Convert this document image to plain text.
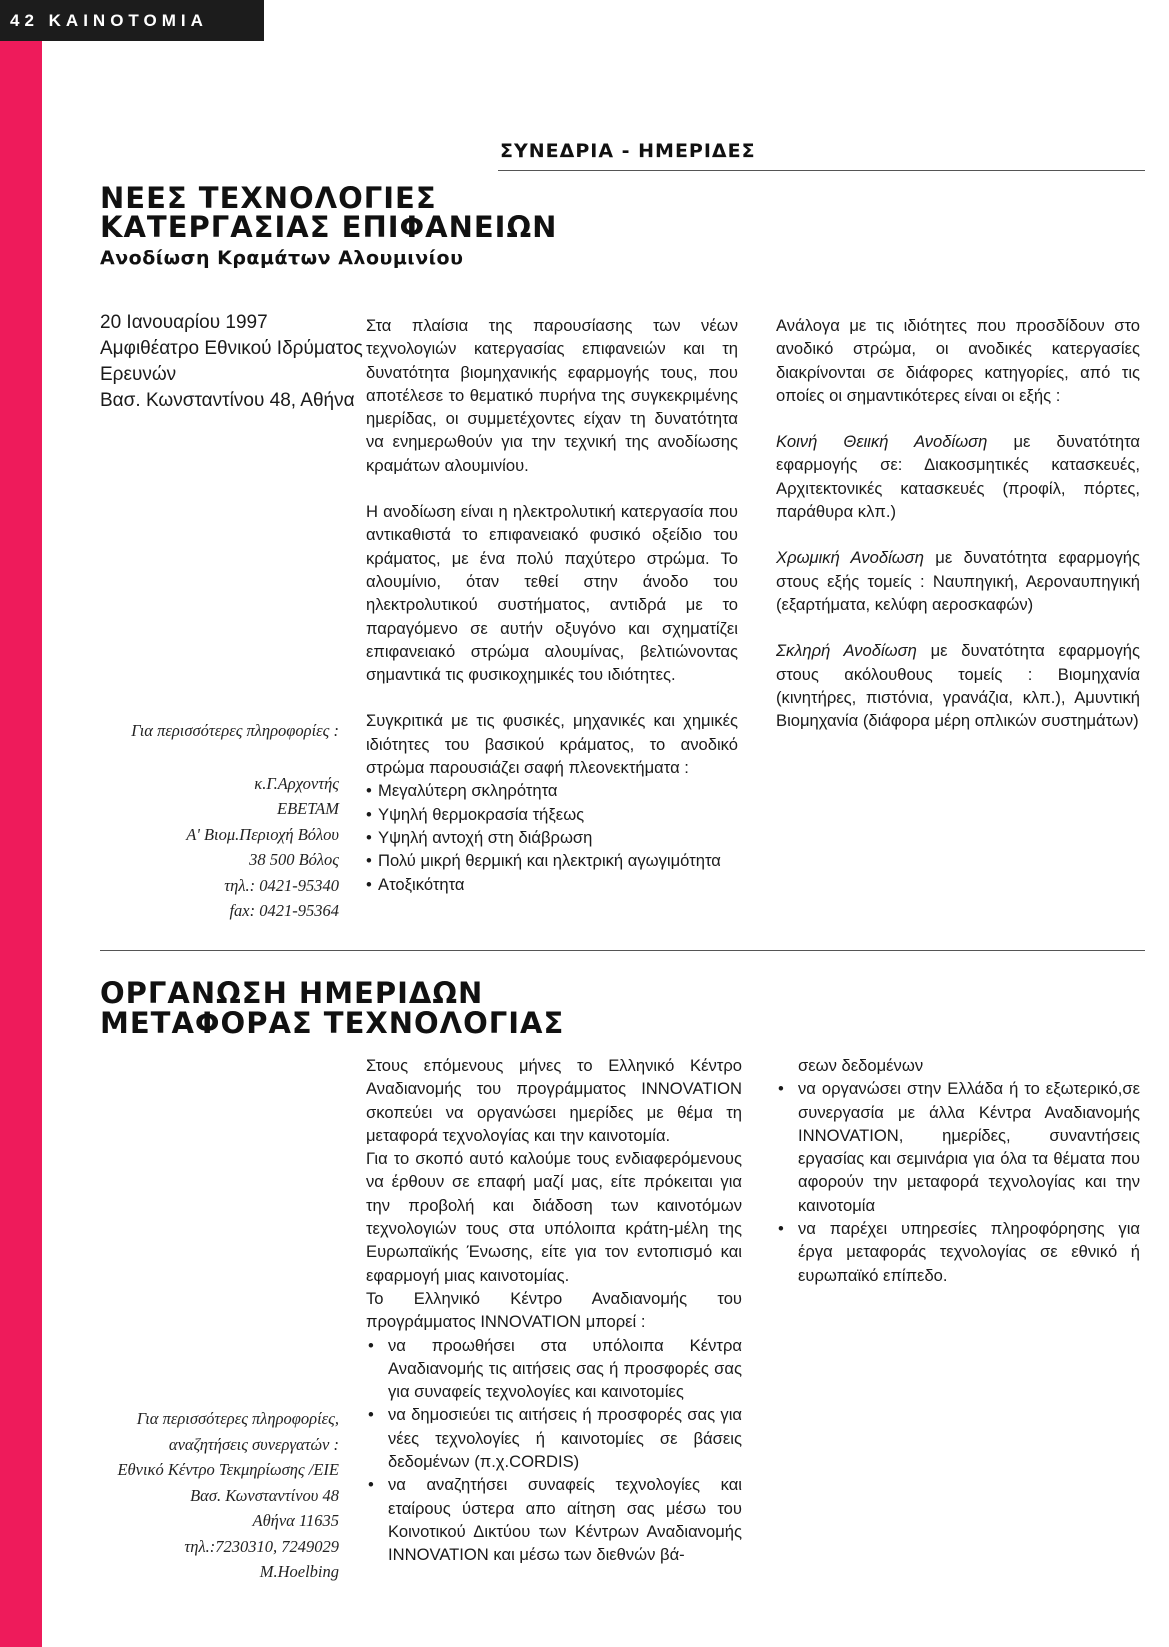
42 ΚΑΙΝΟΤΟΜΙΑ
ΣΥΝΕΔΡΙΑ - ΗΜΕΡΙΔΕΣ
ΝΕΕΣ ΤΕΧΝΟΛΟΓΙΕΣ
ΚΑΤΕΡΓΑΣΙΑΣ ΕΠΙΦΑΝΕΙΩΝ
Ανοδίωση Κραμάτων Αλουμινίου
20 Ιανουαρίου 1997
Αμφιθέατρο Εθνικού Ιδρύματος
Ερευνών
Βασ. Κωνσταντίνου 48, Αθήνα
Για περισσότερες πληροφορίες :
κ.Γ.Αρχοντής
ΕΒΕΤΑΜ
Α' Βιομ.Περιοχή Βόλου
38 500 Βόλος
τηλ.: 0421-95340
fax: 0421-95364

Στα πλαίσια της παρουσίασης των νέων τεχνολογιών κατεργασίας επιφανειών και τη δυνατότητα βιομηχανικής εφαρμογής τους, που αποτέλεσε το θεματικό πυρήνα της συγκεκριμένης ημερίδας, οι συμμετέχοντες είχαν τη δυνατότητα να ενημερωθούν για την τεχνική της ανοδίωσης κραμάτων αλουμινίου.

Η ανοδίωση είναι η ηλεκτρολυτική κατεργασία που αντικαθιστά το επιφανειακό φυσικό οξείδιο του κράματος, με ένα πολύ παχύτερο στρώμα. Το αλουμίνιο, όταν τεθεί στην άνοδο του ηλεκτρολυτικού συστήματος, αντιδρά με το παραγόμενο σε αυτήν οξυγόνο και σχηματίζει επιφανειακό στρώμα αλουμίνας, βελτιώνοντας σημαντικά τις φυσικοχημικές του ιδιότητες.

Συγκριτικά με τις φυσικές, μηχανικές και χημικές ιδιότητες του βασικού κράματος, το ανοδικό στρώμα παρουσιάζει σαφή πλεονεκτήματα :

• Μεγαλύτερη σκληρότητα
• Υψηλή θερμοκρασία τήξεως
• Υψηλή αντοχή στη διάβρωση
• Πολύ μικρή θερμική και ηλεκτρική αγωγιμότητα
• Ατοξικότητα

Ανάλογα με τις ιδιότητες που προσδίδουν στο ανοδικό στρώμα, οι ανοδικές κατεργασίες διακρίνονται σε διάφορες κατηγορίες, από τις οποίες οι σημαντικότερες είναι οι εξής :

Κοινή Θειική Ανοδίωση με δυνατότητα εφαρμογής σε: Διακοσμητικές κατασκευές, Αρχιτεκτονικές κατασκευές (προφίλ, πόρτες, παράθυρα κλπ.)

Χρωμική Ανοδίωση με δυνατότητα εφαρμογής στους εξής τομείς : Ναυπηγική, Αεροναυπηγική (εξαρτήματα, κελύφη αεροσκαφών)

Σκληρή Ανοδίωση με δυνατότητα εφαρμογής στους ακόλουθους τομείς : Βιομηχανία (κινητήρες, πιστόνια, γρανάζια, κλπ.), Αμυντική Βιομηχανία (διάφορα μέρη οπλικών συστημάτων)

ΟΡΓΑΝΩΣΗ ΗΜΕΡΙΔΩΝ
ΜΕΤΑΦΟΡΑΣ ΤΕΧΝΟΛΟΓΙΑΣ
Για περισσότερες πληροφορίες,
αναζητήσεις συνεργατών :
Εθνικό Κέντρο Τεκμηρίωσης /ΕΙΕ
Βασ. Κωνσταντίνου 48
Αθήνα 11635
τηλ.:7230310, 7249029
M.Hoelbing

Στους επόμενους μήνες το Ελληνικό Κέντρο Αναδιανομής του προγράμματος INNOVATION σκοπεύει να οργανώσει ημερίδες με θέμα τη μεταφορά τεχνολογίας και την καινοτομία.

Για το σκοπό αυτό καλούμε τους ενδιαφερόμενους να έρθουν σε επαφή μαζί μας, είτε πρόκειται για την προβολή και διάδοση των καινοτόμων τεχνολογιών τους στα υπόλοιπα κράτη-μέλη της Ευρωπαϊκής Ένωσης, είτε για τον εντοπισμό και εφαρμογή μιας καινοτομίας.

Το Ελληνικό Κέντρο Αναδιανομής του προγράμματος INNOVATION μπορεί :

• να προωθήσει στα υπόλοιπα Κέντρα Αναδιανομής τις αιτήσεις σας ή προσφορές σας για συναφείς τεχνολογίες και καινοτομίες
• να δημοσιεύει τις αιτήσεις ή προσφορές σας για νέες τεχνολογίες ή καινοτομίες σε βάσεις δεδομένων (π.χ.CORDIS)
• να αναζητήσει συναφείς τεχνολογίες και εταίρους ύστερα απο αίτηση σας μέσω του Κοινοτικού Δικτύου των Κέντρων Αναδιανομής INNOVATION και μέσω των διεθνών βά-
σεων δεδομένων
• να οργανώσει στην Ελλάδα ή το εξωτερικό,σε συνεργασία με άλλα Κέντρα Αναδιανομής INNOVATION, ημερίδες, συναντήσεις εργασίας και σεμινάρια για όλα τα θέματα που αφορούν την μεταφορά τεχνολογίας και την καινοτομία
• να παρέχει υπηρεσίες πληροφόρησης για έργα μεταφοράς τεχνολογίας σε εθνικό ή ευρωπαϊκό επίπεδο.
